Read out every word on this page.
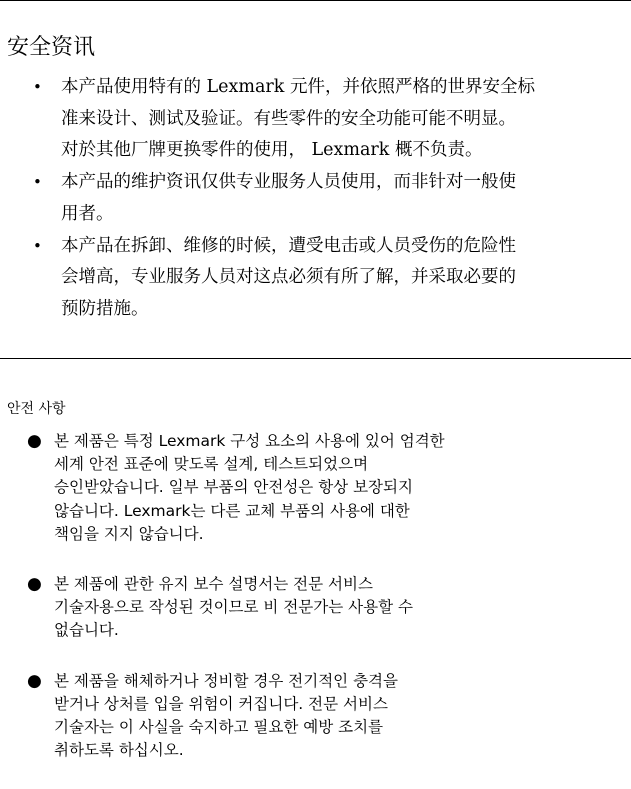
安全资讯
• 本产品使用特有的 Lexmark 元件，并依照严格的世界安全标
准来设计、测试及验证。有些零件的安全功能可能不明显。
对於其他厂牌更换零件的使用， Lexmark 概不负责。
• 本产品的维护资讯仅供专业服务人员使用，而非针对一般使
用者。
• 本产品在拆卸、维修的时候，遭受电击或人员受伤的危险性
会增高，专业服务人员对这点必须有所了解，并采取必要的
预防措施。
안전 사항
● 본 제품은 특정 Lexmark 구성 요소의 사용에 있어 엄격한
세계 안전 표준에 맞도록 설계, 테스트되었으며
승인받았습니다. 일부 부품의 안전성은 항상 보장되지
않습니다. Lexmark는 다른 교체 부품의 사용에 대한
책임을 지지 않습니다.
● 본 제품에 관한 유지 보수 설명서는 전문 서비스
기술자용으로 작성된 것이므로 비 전문가는 사용할 수
없습니다.
● 본 제품을 해체하거나 정비할 경우 전기적인 충격을
받거나 상처를 입을 위험이 커집니다. 전문 서비스
기술자는 이 사실을 숙지하고 필요한 예방 조치를
취하도록 하십시오.
